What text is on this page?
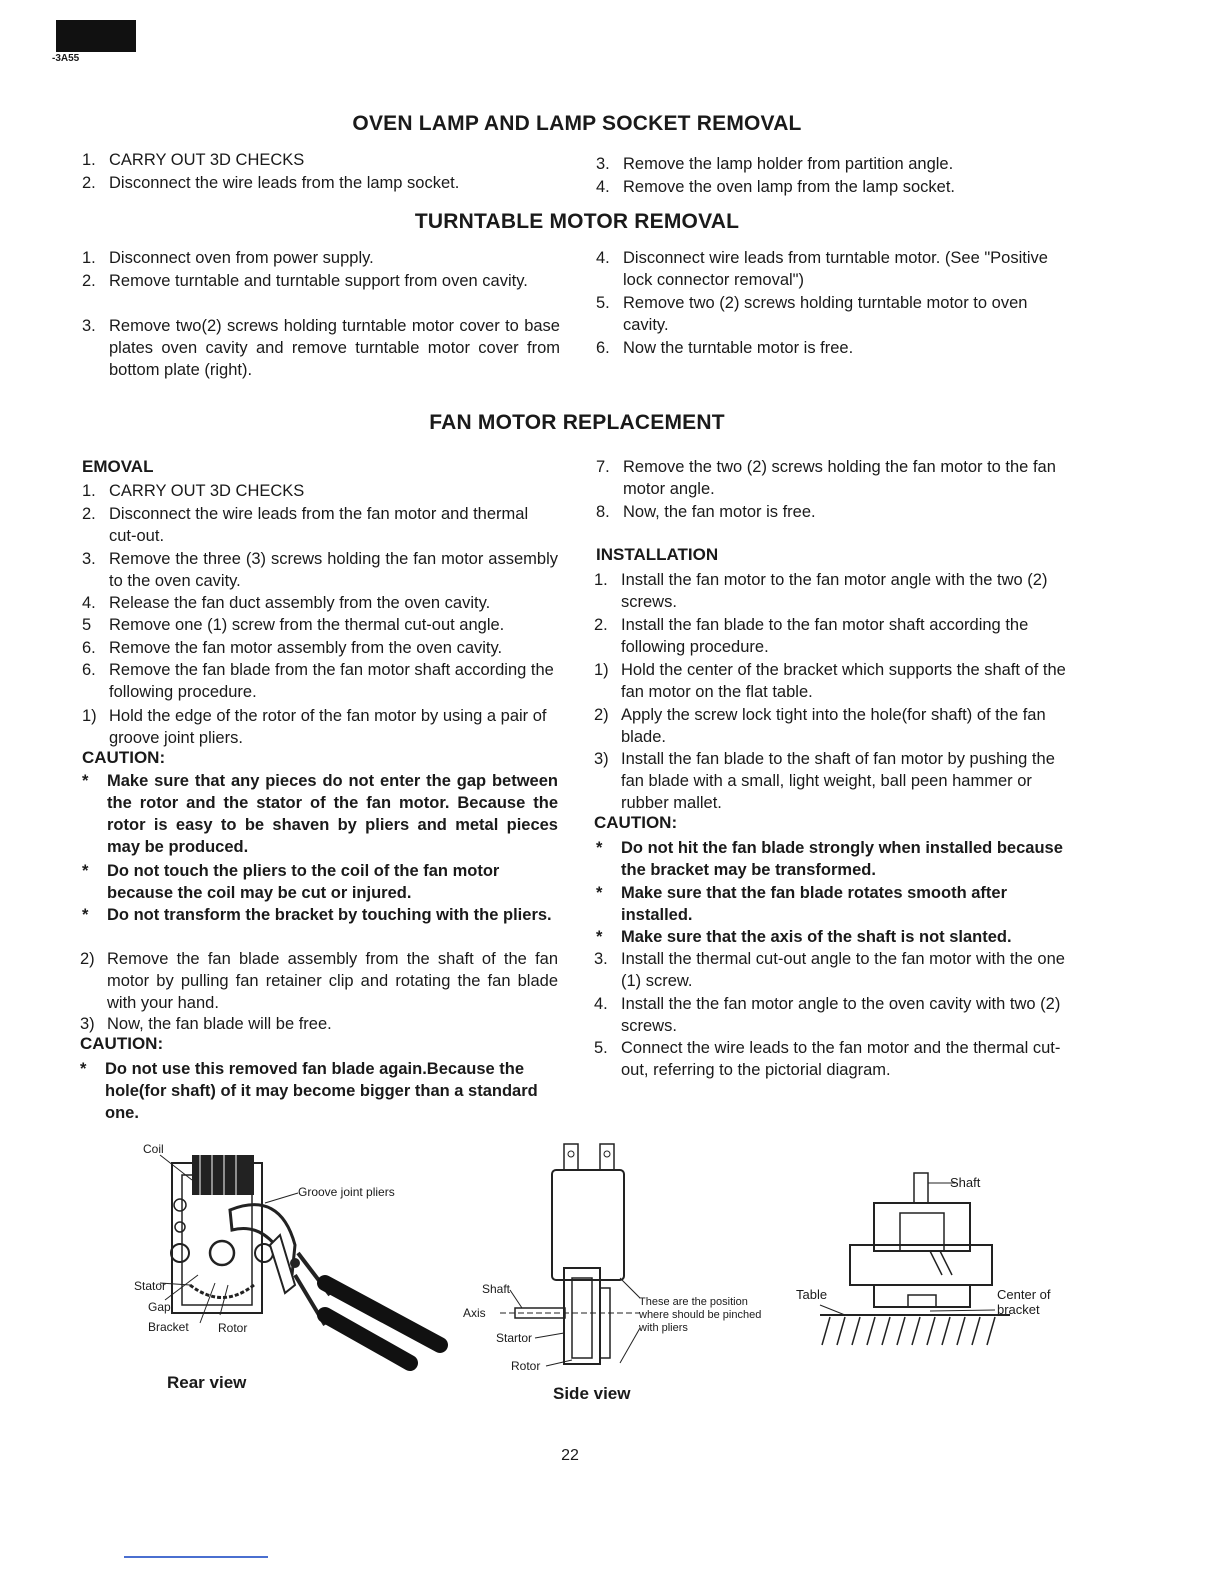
-3A55
OVEN LAMP AND LAMP SOCKET REMOVAL
1. CARRY OUT 3D CHECKS
2. Disconnect the wire leads from the lamp socket.
3. Remove the lamp holder from partition angle.
4. Remove the oven lamp from the lamp socket.
TURNTABLE MOTOR REMOVAL
1. Disconnect oven from power supply.
2. Remove turntable and turntable support from oven cavity.
3. Remove two(2) screws holding turntable motor cover to base plates oven cavity and remove turntable motor cover from bottom plate (right).
4. Disconnect wire leads from turntable motor. (See "Positive lock connector removal")
5. Remove two (2) screws holding turntable motor to oven cavity.
6. Now the turntable motor is free.
FAN MOTOR REPLACEMENT
EMOVAL
1. CARRY OUT 3D CHECKS
2. Disconnect the wire leads from the fan motor and thermal cut-out.
3. Remove the three (3) screws holding the fan motor assembly to the oven cavity.
4. Release the fan duct assembly from the oven cavity.
5 Remove one (1) screw from the thermal cut-out angle.
6. Remove the fan motor assembly from the oven cavity.
6. Remove the fan blade from the fan motor shaft according the following procedure.
1) Hold the edge of the rotor of the fan motor by using a pair of groove joint pliers.
CAUTION:
* Make sure that any pieces do not enter the gap between the rotor and the stator of the fan motor. Because the rotor is easy to be shaven by pliers and metal pieces may be produced.
* Do not touch the pliers to the coil of the fan motor because the coil may be cut or injured.
* Do not transform the bracket by touching with the pliers.
2) Remove the fan blade assembly from the shaft of the fan motor by pulling fan retainer clip and rotating the fan blade with your hand.
3) Now, the fan blade will be free.
CAUTION:
* Do not use this removed fan blade again.Because the hole(for shaft) of it may become bigger than a standard one.
7. Remove the two (2) screws holding the fan motor to the fan motor angle.
8. Now, the fan motor is free.
INSTALLATION
1. Install the fan motor to the fan motor angle with the two (2) screws.
2. Install the fan blade to the fan motor shaft according the following procedure.
1) Hold the center of the bracket which supports the shaft of the fan motor on the flat table.
2) Apply the screw lock tight into the hole(for shaft) of the fan blade.
3) Install the fan blade to the shaft of fan motor by pushing the fan blade with a small, light weight, ball peen hammer or rubber mallet.
CAUTION:
* Do not hit the fan blade strongly when installed because the bracket may be transformed.
* Make sure that the fan blade rotates smooth after installed.
* Make sure that the axis of the shaft is not slanted.
3. Install the thermal cut-out angle to the fan motor with the one (1) screw.
4. Install the the fan motor angle to the oven cavity with two (2) screws.
5. Connect the wire leads to the fan motor and the thermal cut-out, referring to the pictorial diagram.
Coil
Groove joint pliers
Stator
Gap
Bracket Rotor
Rear view
Shaft
Axis
Startor
Rotor
These are the position where should be pinched with pliers
Side view
Shaft
Table	Center of bracket
22
